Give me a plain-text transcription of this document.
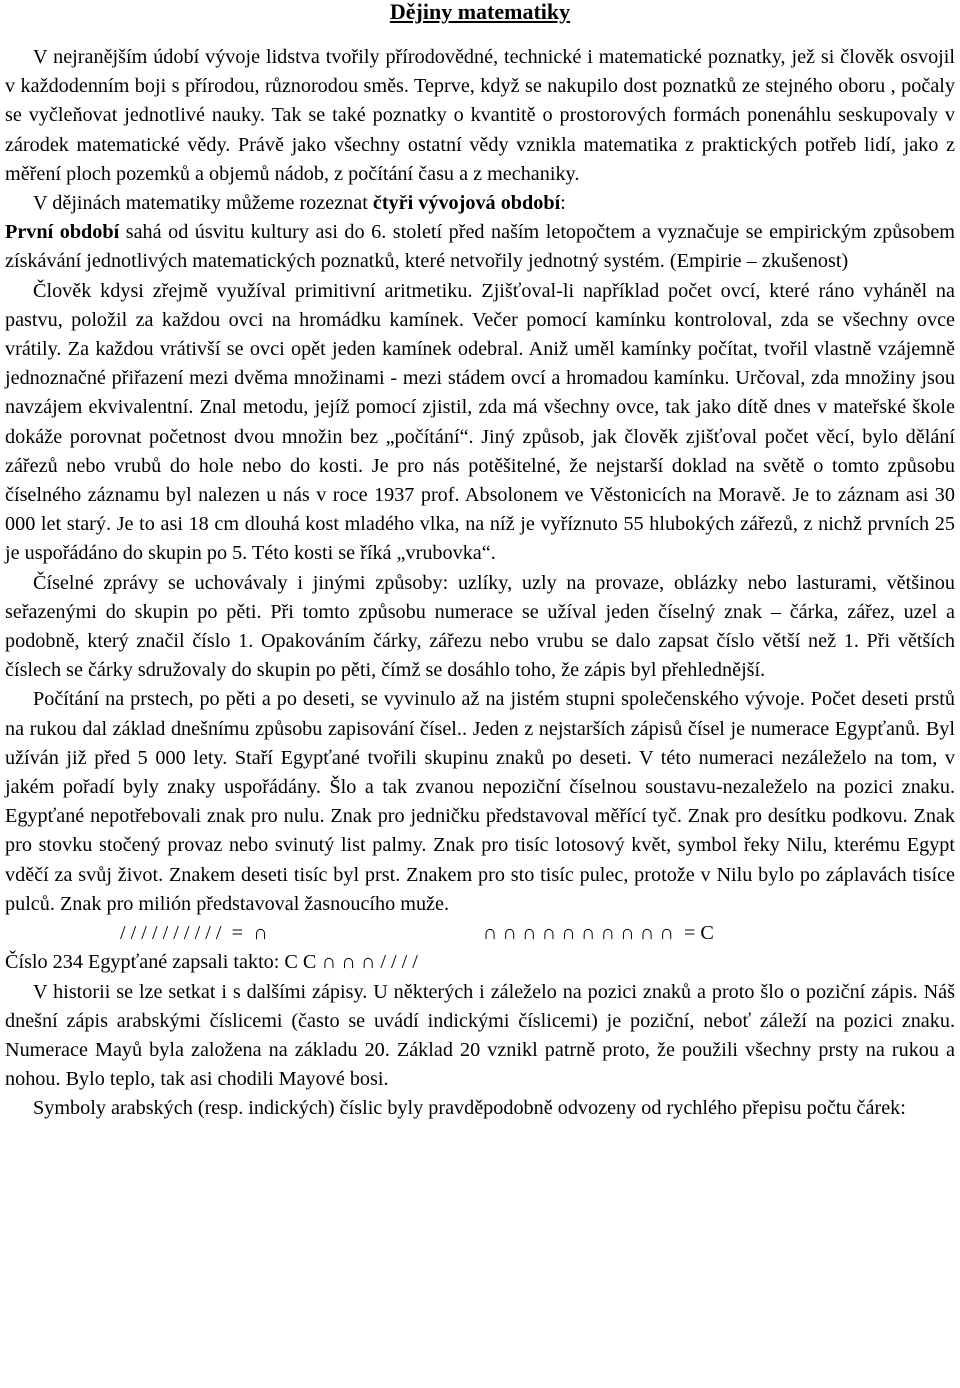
Dějiny matematiky

V nejranějším údobí vývoje lidstva tvořily přírodovědné, technické i matematické poznatky, jež si člověk osvojil v každodenním boji s přírodou, různorodou směs. Teprve, když se nakupilo dost poznatků ze stejného oboru , počaly se vyčleňovat jednotlivé nauky. Tak se také poznatky o kvantitě o prostorových formách ponenáhlu seskupovaly v zárodek matematické vědy. Právě jako všechny ostatní vědy vznikla matematika z praktických potřeb lidí, jako z měření ploch pozemků a objemů nádob, z počítání času a z mechaniky.

V dějinách matematiky můžeme rozeznat čtyři vývojová období:

První období sahá od úsvitu kultury asi do 6. století před naším letopočtem a vyznačuje se empirickým způsobem získávání jednotlivých matematických poznatků, které netvořily jednotný systém. (Empirie – zkušenost)

Člověk kdysi zřejmě využíval primitivní aritmetiku. Zjišťoval-li například počet ovcí, které ráno vyháněl na pastvu, položil za každou ovci na hromádku kamínek. Večer pomocí kamínku kontroloval, zda se všechny ovce vrátily. Za každou vrátivší se ovci opět jeden kamínek odebral. Aniž uměl kamínky počítat, tvořil vlastně vzájemně jednoznačné přiřazení mezi dvěma množinami - mezi stádem ovcí a hromadou kamínku. Určoval, zda množiny jsou navzájem ekvivalentní. Znal metodu, jejíž pomocí zjistil, zda má všechny ovce, tak jako dítě dnes v mateřské škole dokáže porovnat početnost dvou množin bez „počítání“. Jiný způsob, jak člověk zjišťoval počet věcí, bylo dělání zářezů nebo vrubů do hole nebo do kosti. Je pro nás potěšitelné, že nejstarší doklad na světě o tomto způsobu číselného záznamu byl nalezen u nás v roce 1937 prof. Absolonem ve Věstonicích na Moravě. Je to záznam asi 30 000 let starý. Je to asi 18 cm dlouhá kost mladého vlka, na níž je vyříznuto 55 hlubokých zářezů, z nichž prvních 25 je uspořádáno do skupin po 5. Této kosti se říká „vrubovka“.

Číselné zprávy se uchovávaly i jinými způsoby: uzlíky, uzly na provaze, oblázky nebo lasturami, většinou seřazenými do skupin po pěti. Při tomto způsobu numerace se užíval jeden číselný znak – čárka, zářez, uzel a podobně, který značil číslo 1. Opakováním čárky, zářezu nebo vrubu se dalo zapsat číslo větší než 1. Při větších číslech se čárky sdružovaly do skupin po pěti, čímž se dosáhlo toho, že zápis byl přehlednější.

Počítání na prstech, po pěti a po deseti, se vyvinulo až na jistém stupni společenského vývoje. Počet deseti prstů na rukou dal základ dnešnímu způsobu zapisování čísel.. Jeden z nejstarších zápisů čísel je numerace Egypťanů. Byl užíván již před 5 000 lety. Staří Egypťané tvořili skupinu znaků po deseti. V této numeraci nezáleželo na tom, v jakém pořadí byly znaky uspořádány. Šlo a tak zvanou nepoziční číselnou soustavu-nezaleželo na pozici znaku. Egypťané nepotřebovali znak pro nulu. Znak pro jedničku představoval měřící tyč. Znak pro desítku podkovu. Znak pro stovku stočený provaz nebo svinutý list palmy. Znak pro tisíc lotosový květ, symbol řeky Nilu, kterému Egypt vděčí za svůj život. Znakem deseti tisíc byl prst. Znakem pro sto tisíc pulec, protože v Nilu bylo po záplavách tisíce pulců. Znak pro milión představoval žasnoucího muže.

/ / / / / / / / / /  =  ∩	∩ ∩ ∩ ∩ ∩ ∩ ∩ ∩ ∩ ∩  = C

Číslo 234 Egypťané zapsali takto: C C ∩ ∩ ∩ / / / /

V historii se lze setkat i s dalšími zápisy. U některých i záleželo na pozici znaků a proto šlo o poziční zápis. Náš dnešní zápis arabskými číslicemi (často se uvádí indickými číslicemi) je poziční, neboť záleží na pozici znaku. Numerace Mayů byla založena na základu 20. Základ 20 vznikl patrně proto, že použili všechny prsty na rukou a nohou. Bylo teplo, tak asi chodili Mayové bosi.

Symboly arabských (resp. indických) číslic byly pravděpodobně odvozeny od rychlého přepisu počtu čárek:
